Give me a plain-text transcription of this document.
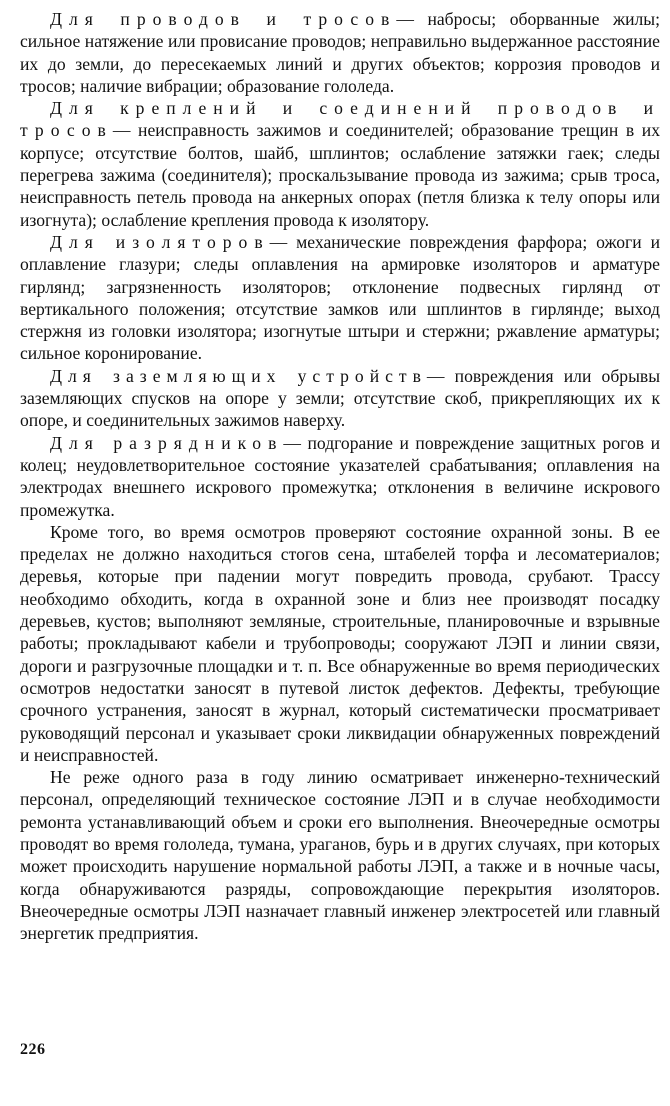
Для проводов и тросов— набросы; оборванные жилы; сильное натяжение или провисание проводов; неправильно выдержанное расстояние их до земли, до пересекаемых линий и других объектов; коррозия проводов и тросов; наличие вибрации; образование гололеда.

Для креплений и соединений проводов и тросов— неисправность зажимов и соединителей; образование трещин в их корпусе; отсутствие болтов, шайб, шплинтов; ослабление затяжки гаек; следы перегрева зажима (соединителя); проскальзывание провода из зажима; срыв троса, неисправность петель провода на анкерных опорах (петля близка к телу опоры или изогнута); ослабление крепления провода к изолятору.

Для изоляторов— механические повреждения фарфора; ожоги и оплавление глазури; следы оплавления на армировке изоляторов и арматуре гирлянд; загрязненность изоляторов; отклонение подвесных гирлянд от вертикального положения; отсутствие замков или шплинтов в гирлянде; выход стержня из головки изолятора; изогнутые штыри и стержни; ржавление арматуры; сильное коронирование.

Для заземляющих устройств— повреждения или обрывы заземляющих спусков на опоре у земли; отсутствие скоб, прикрепляющих их к опоре, и соединительных зажимов наверху.

Для разрядников— подгорание и повреждение защитных рогов и колец; неудовлетворительное состояние указателей срабатывания; оплавления на электродах внешнего искрового промежутка; отклонения в величине искрового промежутка.

Кроме того, во время осмотров проверяют состояние охранной зоны. В ее пределах не должно находиться стогов сена, штабелей торфа и лесоматериалов; деревья, которые при падении могут повредить провода, срубают. Трассу необходимо обходить, когда в охранной зоне и близ нее производят посадку деревьев, кустов; выполняют земляные, строительные, планировочные и взрывные работы; прокладывают кабели и трубопроводы; сооружают ЛЭП и линии связи, дороги и разгрузочные площадки и т. п. Все обнаруженные во время периодических осмотров недостатки заносят в путевой листок дефектов. Дефекты, требующие срочного устранения, заносят в журнал, который систематически просматривает руководящий персонал и указывает сроки ликвидации обнаруженных повреждений и неисправностей.

Не реже одного раза в году линию осматривает инженерно-технический персонал, определяющий техническое состояние ЛЭП и в случае необходимости ремонта устанавливающий объем и сроки его выполнения. Внеочередные осмотры проводят во время гололеда, тумана, ураганов, бурь и в других случаях, при которых может происходить нарушение нормальной работы ЛЭП, а также и в ночные часы, когда обнаруживаются разряды, сопровождающие перекрытия изоляторов. Внеочередные осмотры ЛЭП назначает главный инженер электросетей или главный энергетик предприятия.

226
